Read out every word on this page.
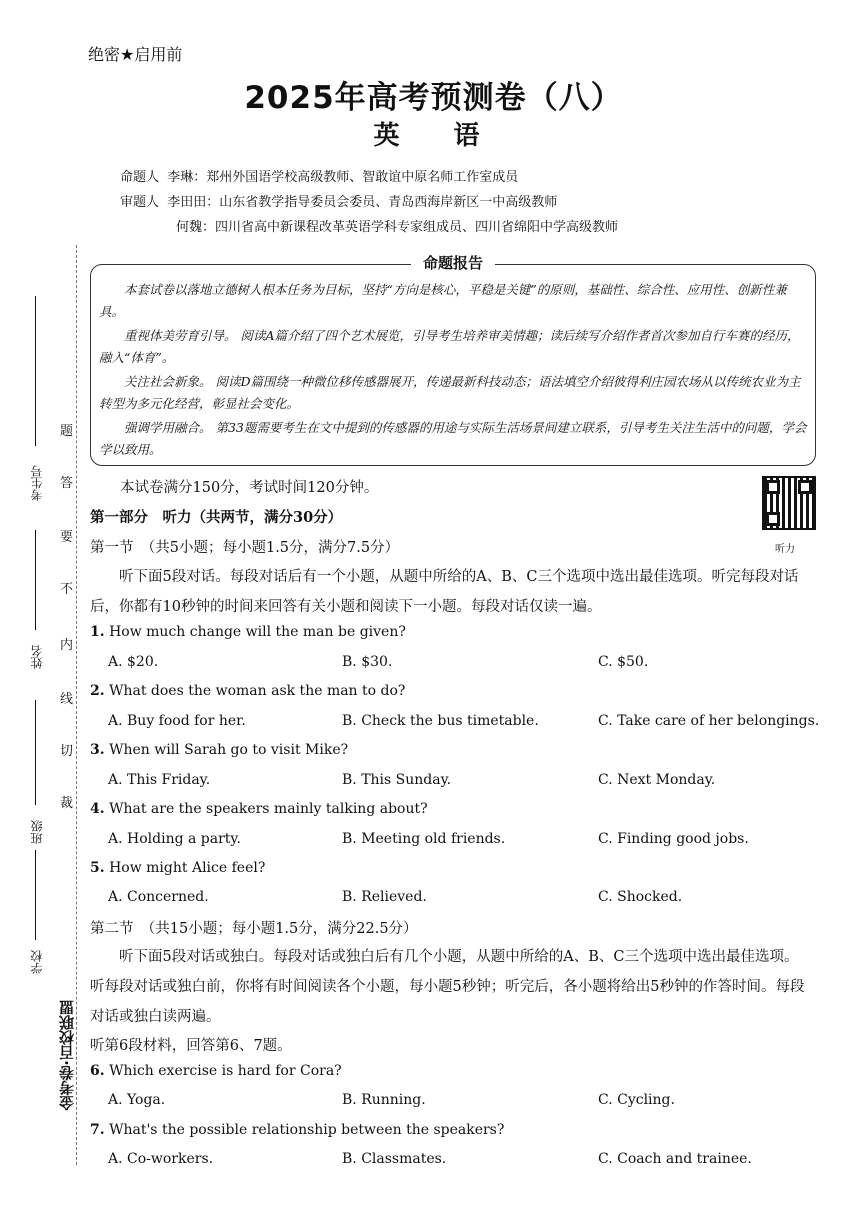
绝密★启用前
2025年高考预测卷（八）
英　语
命题人 李琳：郑州外国语学校高级教师、智敢谊中原名师工作室成员
审题人 李田田：山东省教学指导委员会委员、青岛西海岸新区一中高级教师
何魏：四川省高中新课程改革英语学科专家组成员、四川省绵阳中学高级教师
命题报告
本套试卷以落地立德树人根本任务为目标，坚持“方向是核心，平稳是关键”的原则，基础性、综合性、应用性、创新性兼具。
重视体美劳育引导。 阅读A篇介绍了四个艺术展览，引导考生培养审美情趣；读后续写介绍作者首次参加自行车赛的经历，融入“体育”。
关注社会新象。 阅读D篇围绕一种微位移传感器展开，传递最新科技动态；语法填空介绍彼得利庄园农场从以传统农业为主转型为多元化经营，彰显社会变化。
强调学用融合。 第33题需要考生在文中提到的传感器的用途与实际生活场景间建立联系，引导考生关注生活中的问题，学会学以致用。
本试卷满分150分，考试时间120分钟。
听力
第一部分　听力（共两节，满分30分）
第一节　（共5小题；每小题1.5分，满分7.5分）
听下面5段对话。每段对话后有一个小题，从题中所给的A、B、C三个选项中选出最佳选项。听完每段对话后，你都有10秒钟的时间来回答有关小题和阅读下一小题。每段对话仅读一遍。
1. How much change will the man be given?
A. $20.	B. $30.	C. $50.
2. What does the woman ask the man to do?
A. Buy food for her.	B. Check the bus timetable.	C. Take care of her belongings.
3. When will Sarah go to visit Mike?
A. This Friday.	B. This Sunday.	C. Next Monday.
4. What are the speakers mainly talking about?
A. Holding a party.	B. Meeting old friends.	C. Finding good jobs.
5. How might Alice feel?
A. Concerned.	B. Relieved.	C. Shocked.
第二节　（共15小题；每小题1.5分，满分22.5分）
听下面5段对话或独白。每段对话或独白后有几个小题，从题中所给的A、B、C三个选项中选出最佳选项。听每段对话或独白前，你将有时间阅读各个小题，每小题5秒钟；听完后，各小题将给出5秒钟的作答时间。每段对话或独白读两遍。
听第6段材料，回答第6、7题。
6. Which exercise is hard for Cora?
A. Yoga.	B. Running.	C. Cycling.
7. What's the possible relationship between the speakers?
A. Co-workers.	B. Classmates.	C. Coach and trainee.
题
答
要
不
内
线
切
裁
考生号
姓名
班级
学校
金考卷·百校联盟
